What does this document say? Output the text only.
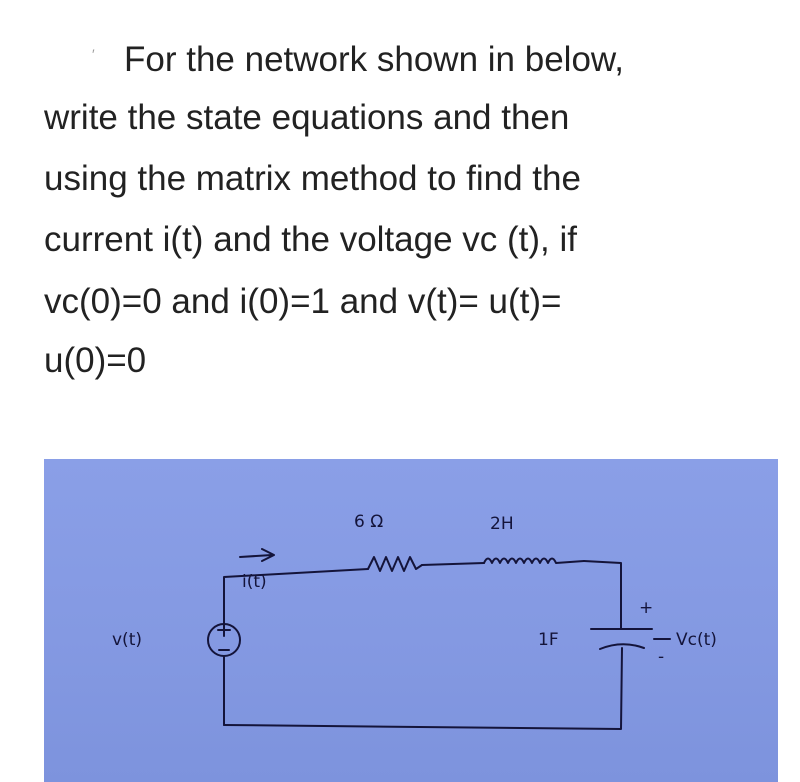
′ For the network shown in below,
write the state equations and then
using the matrix method to find the
current i(t) and the voltage vc (t), if
vc(0)=0 and i(0)=1 and v(t)= u(t)=
u(0)=0
6 Ω	2H
i(t)
v(t)	1F
+
-
Vc(t)
